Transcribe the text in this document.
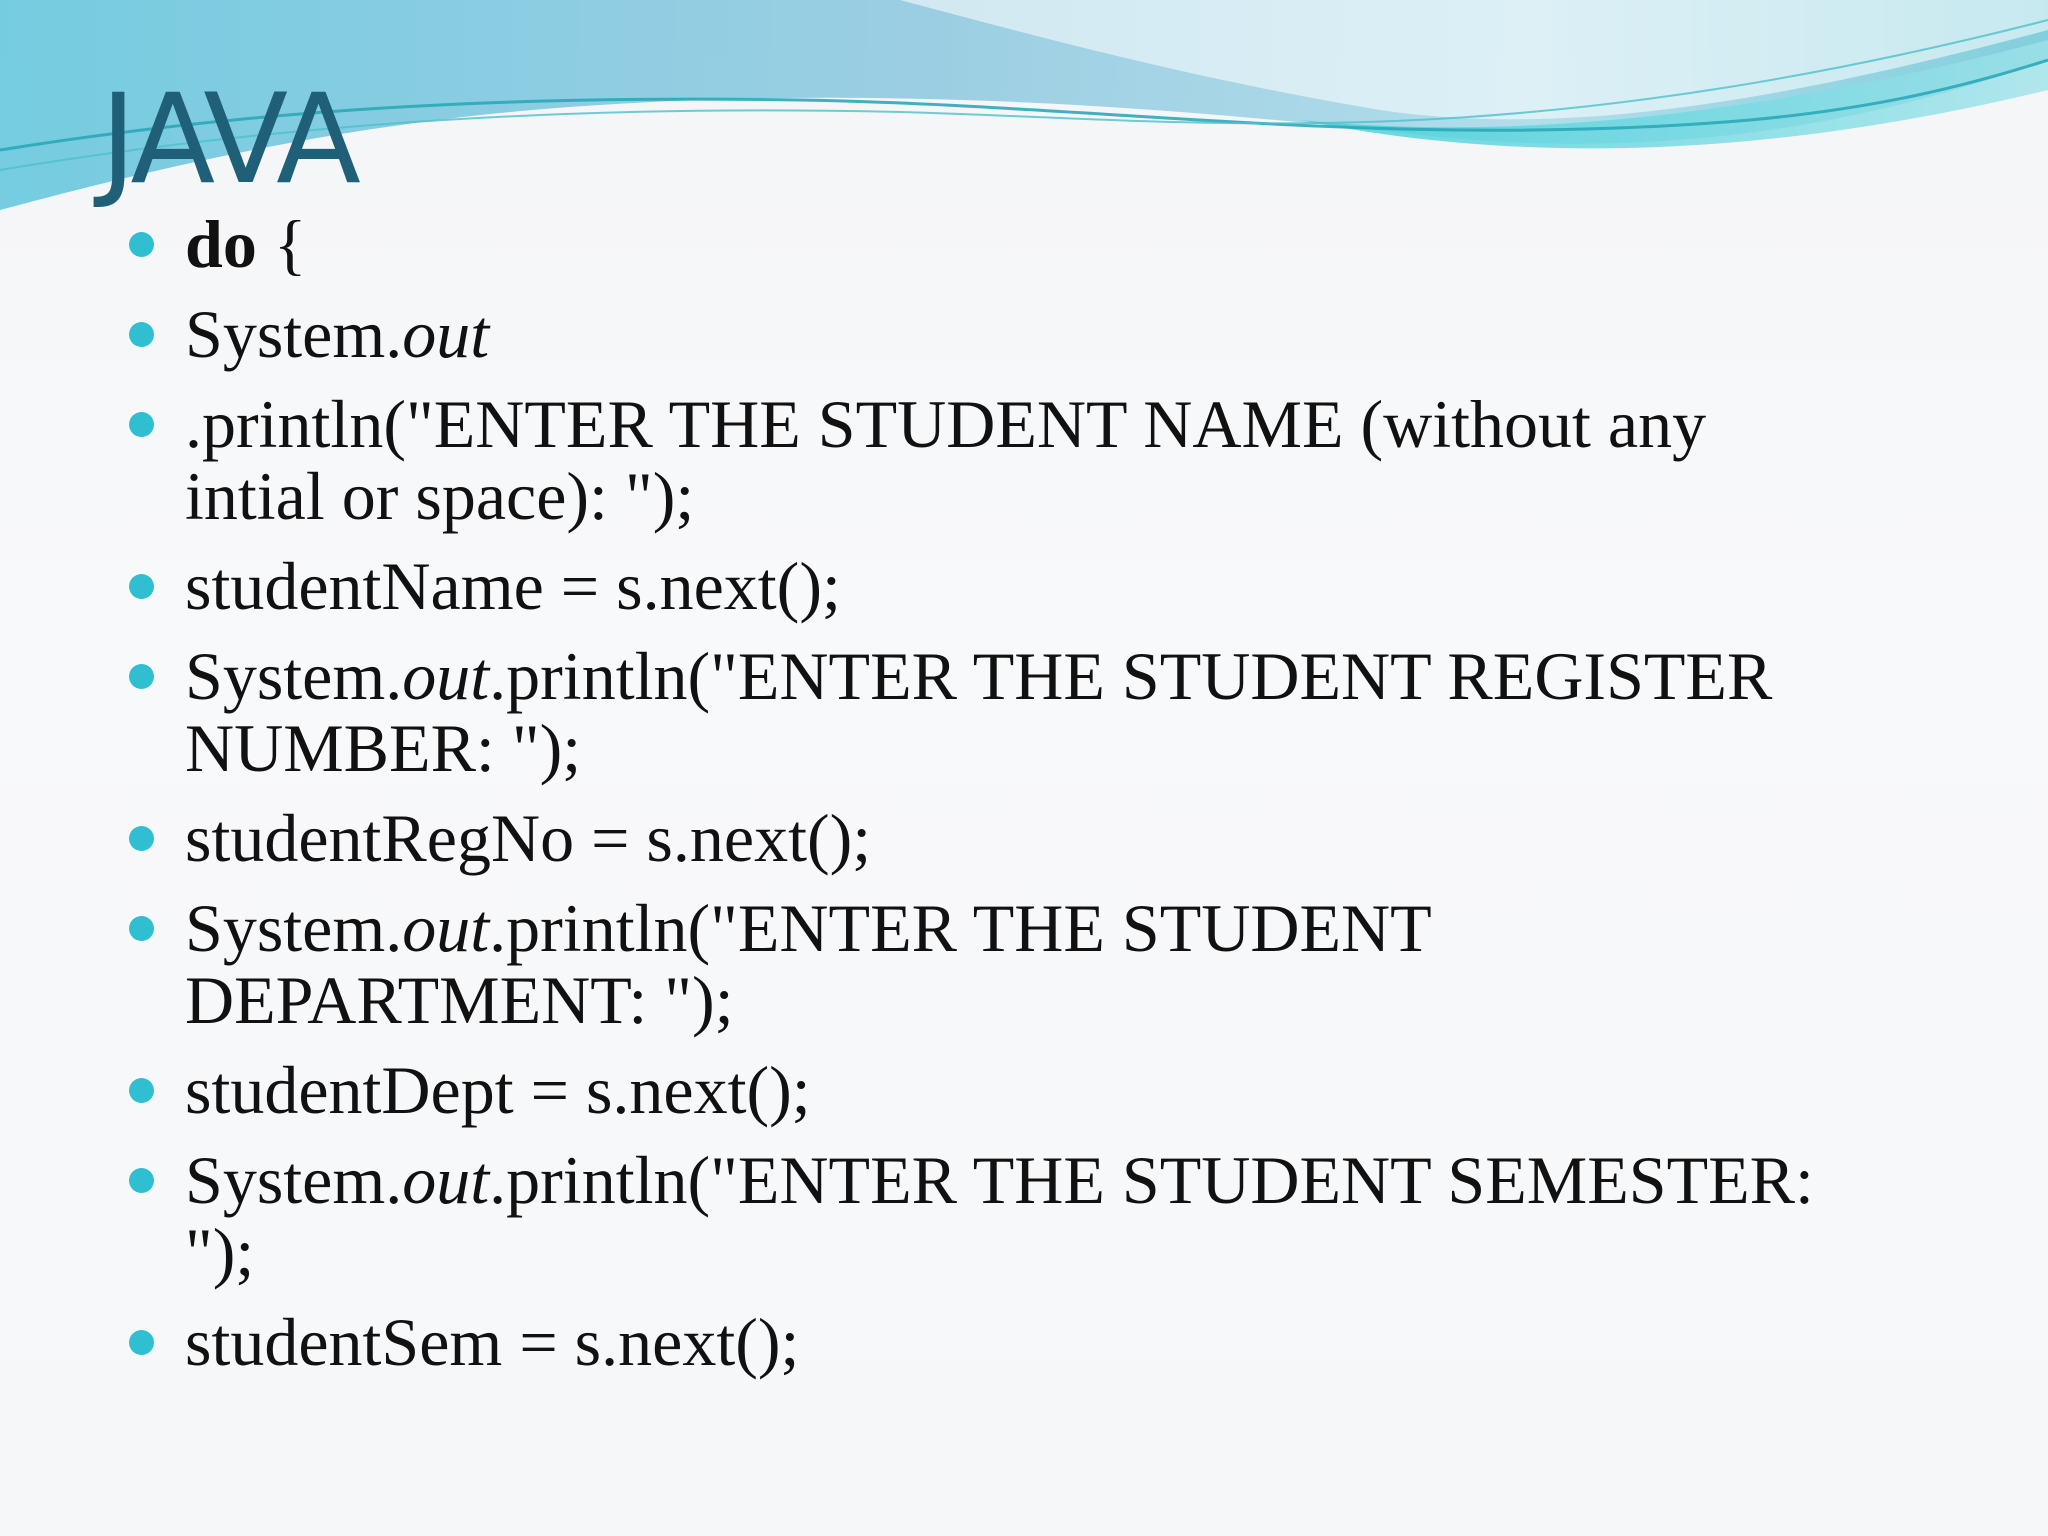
JAVA
do {
System.out
.println("ENTER THE STUDENT NAME (without any
intial or space): ");
studentName = s.next();
System.out.println("ENTER THE STUDENT REGISTER
NUMBER: ");
studentRegNo = s.next();
System.out.println("ENTER THE STUDENT
DEPARTMENT: ");
studentDept = s.next();
System.out.println("ENTER THE STUDENT SEMESTER:
");
studentSem = s.next();
